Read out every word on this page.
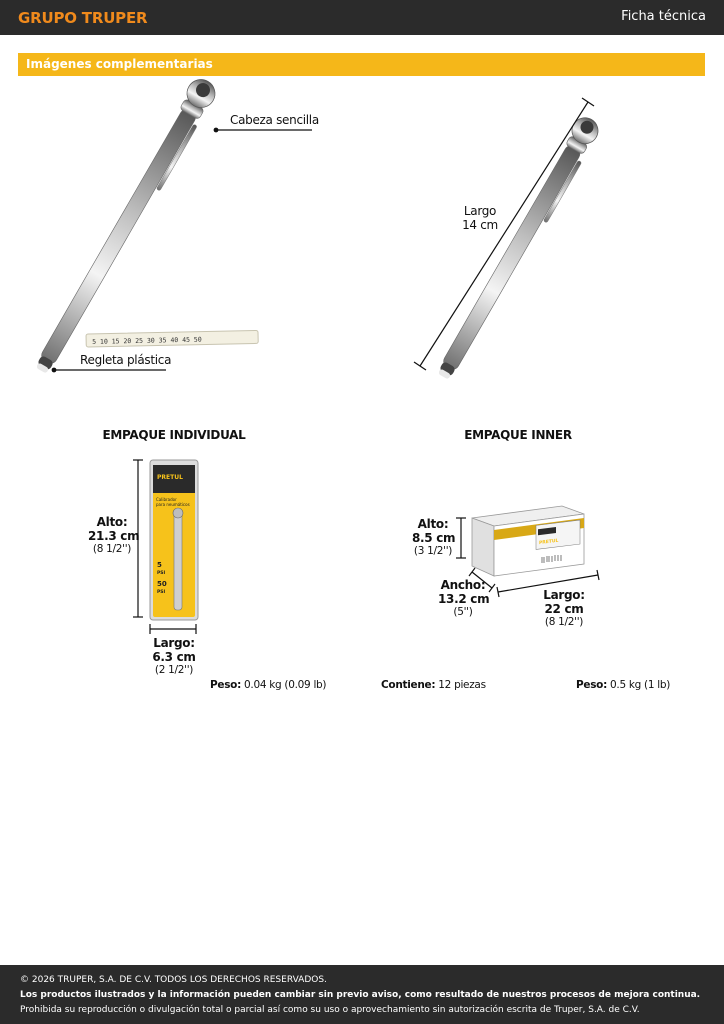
GRUPO TRUPER	Ficha técnica
Imágenes complementarias
5 10 15 20 25 30 35 40 45 50
Cabeza sencilla
Regleta plástica
Largo
14 cm
EMPAQUE INDIVIDUAL
PRETUL
Calibrador
para neumáticos
5
PSI
50
PSI
Alto:
21.3 cm
(8 1/2'')
Largo:
6.3 cm
(2 1/2'')
Peso: 0.04 kg (0.09 lb)
EMPAQUE INNER
PRETUL
Alto:
8.5 cm
(3 1/2'')
Ancho:
13.2 cm
(5'')
Largo:
22 cm
(8 1/2'')
Contiene: 12 piezas	Peso: 0.5 kg (1 lb)
© 2026 TRUPER, S.A. DE C.V. TODOS LOS DERECHOS RESERVADOS.
Los productos ilustrados y la información pueden cambiar sin previo aviso, como resultado de nuestros procesos de mejora continua.
Prohibida su reproducción o divulgación total o parcial así como su uso o aprovechamiento sin autorización escrita de Truper, S.A. de C.V.
